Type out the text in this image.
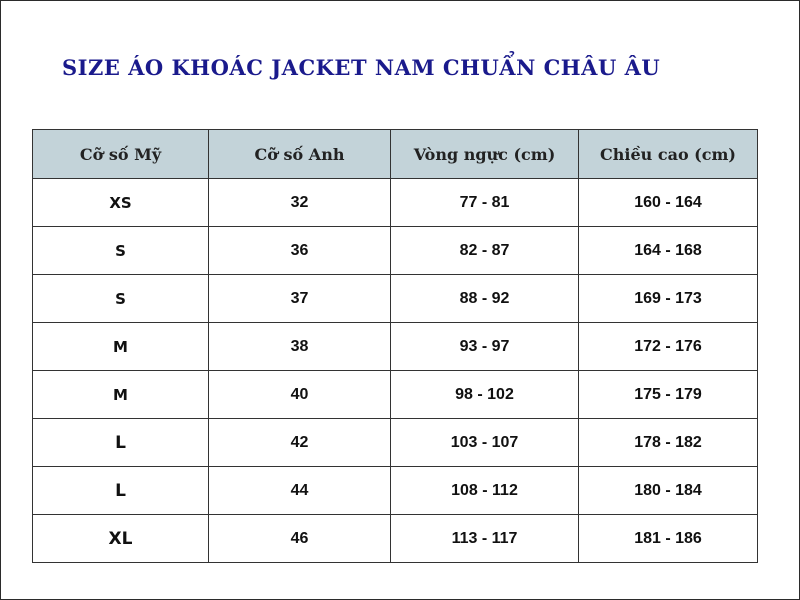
SIZE ÁO KHOÁC JACKET NAM CHUẨN CHÂU ÂU
Cỡ số Mỹ	Cỡ số Anh	Vòng ngực (cm)	Chiều cao (cm)
XS	32	77 - 81	160 - 164
S	36	82 - 87	164 - 168
S	37	88 - 92	169 - 173
M	38	93 - 97	172 - 176
M	40	98 - 102	175 - 179
L	42	103 - 107	178 - 182
L	44	108 - 112	180 - 184
XL	46	113 - 117	181 - 186
